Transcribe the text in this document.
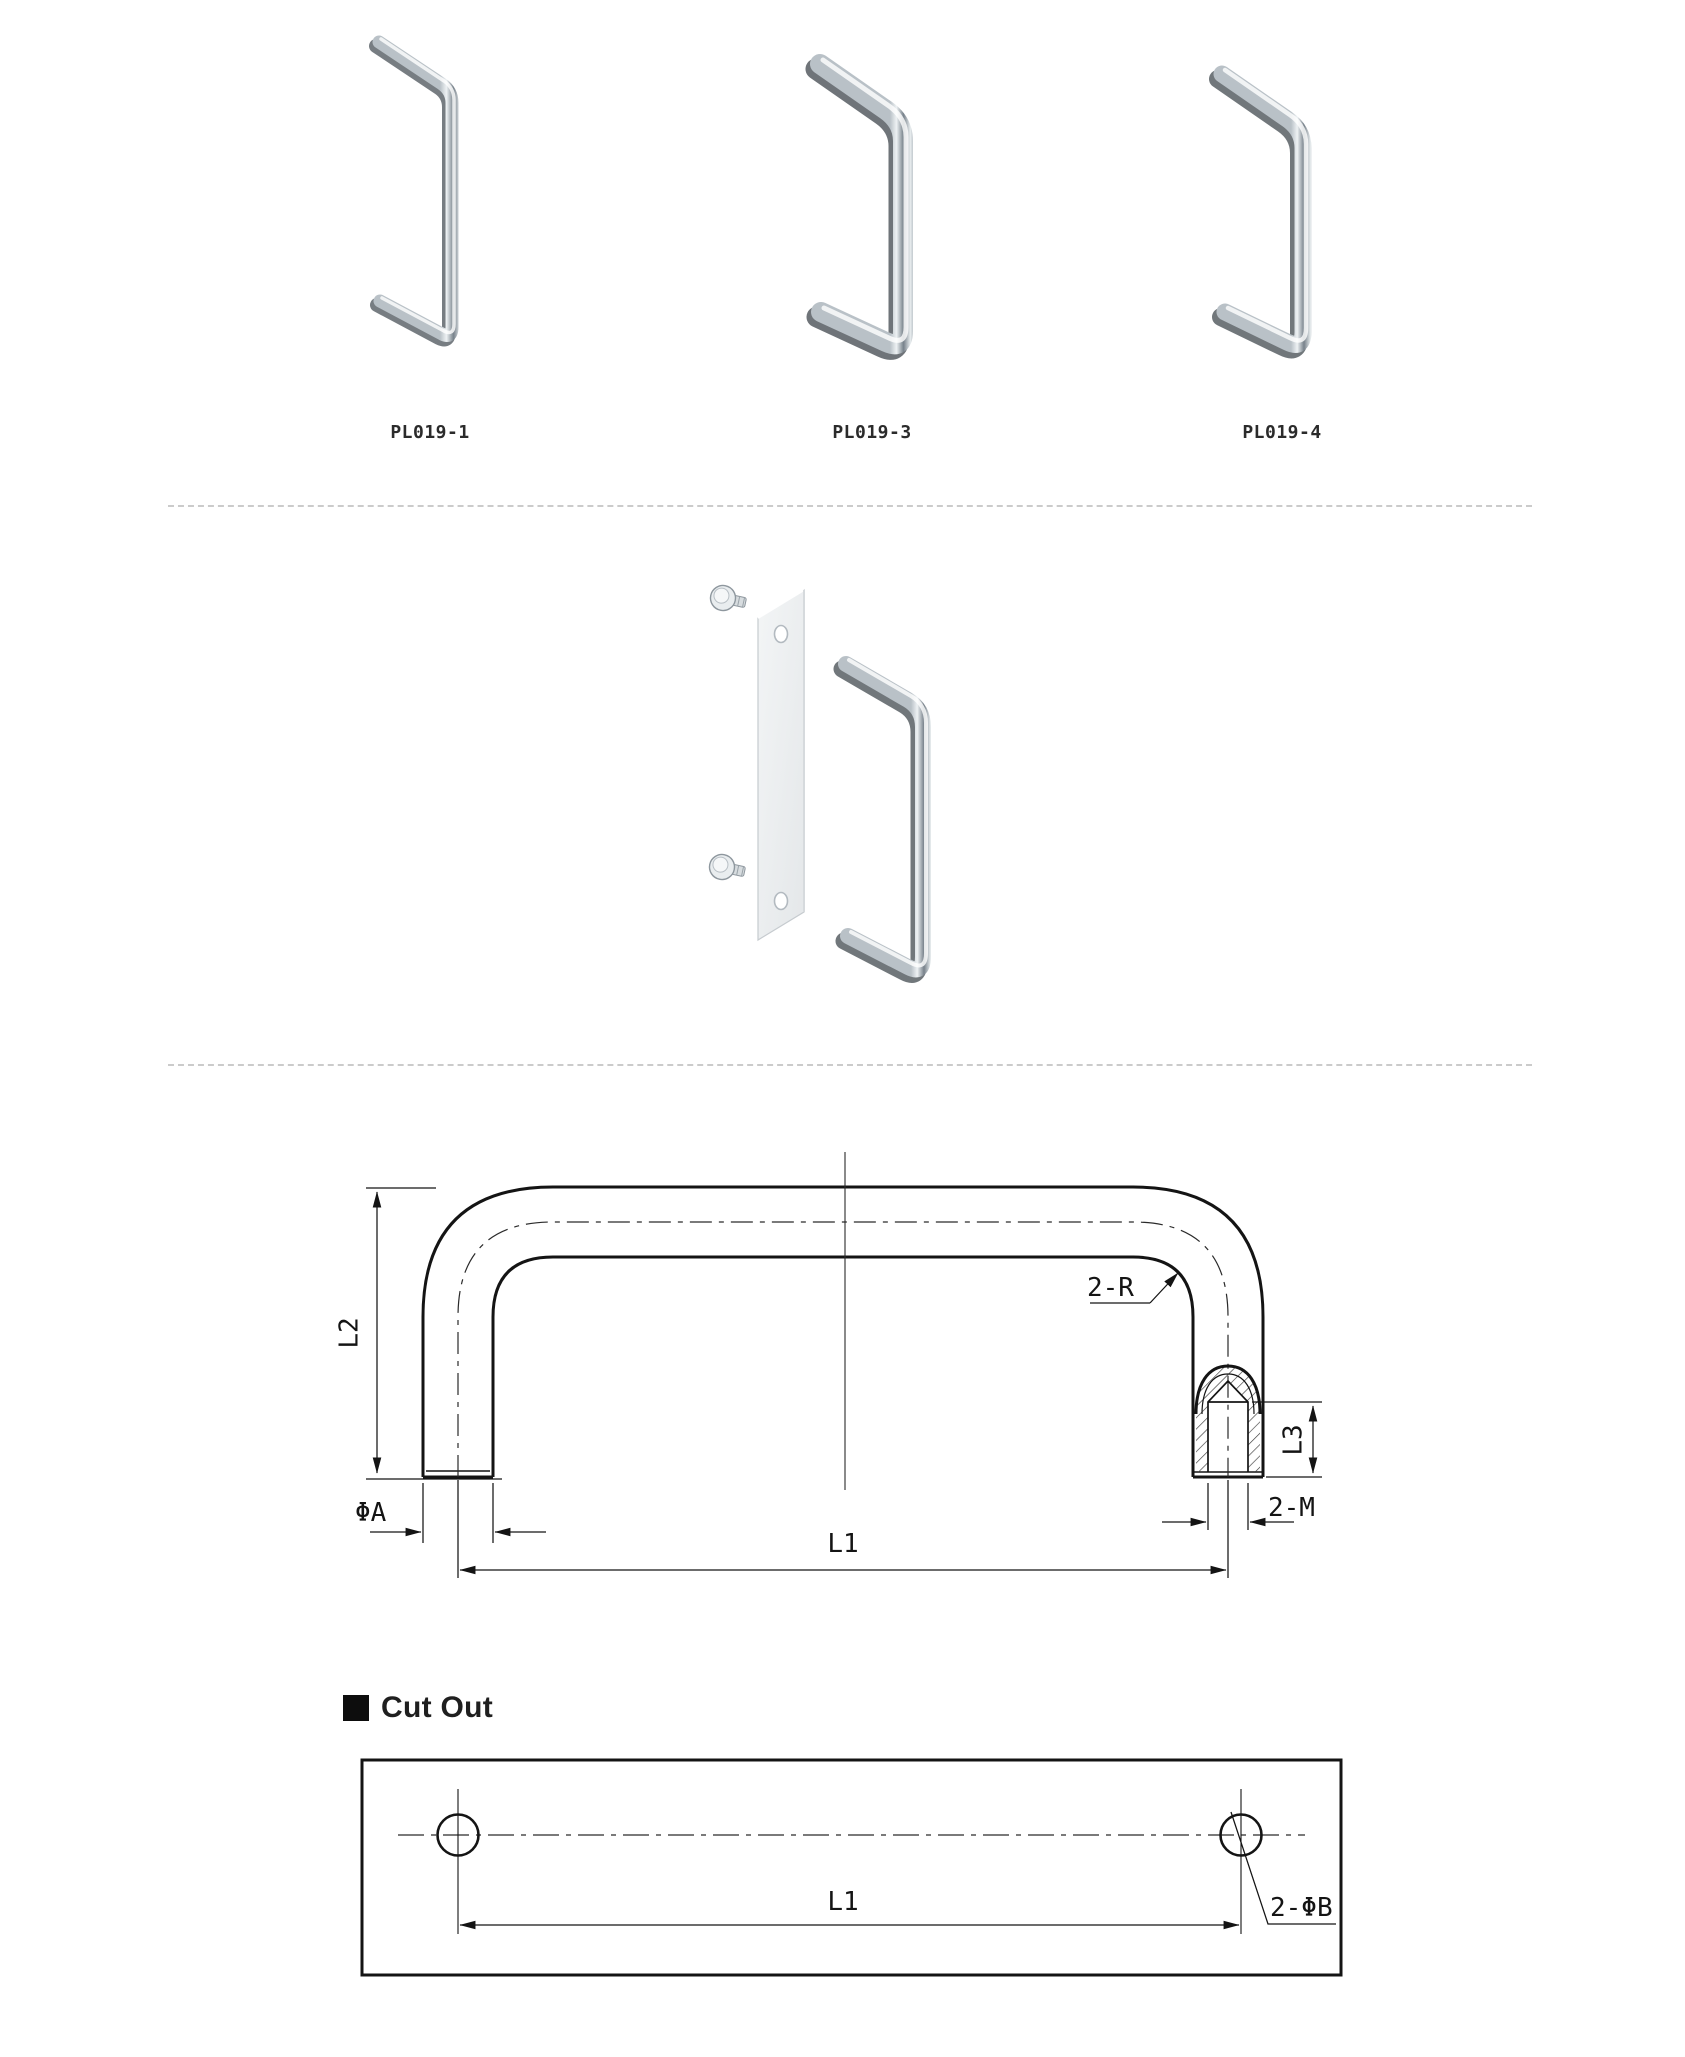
L2
ΦA
L1
2-R
L3
2-M
L1	2-ΦB
PL019-1	PL019-3	PL019-4
Cut Out
